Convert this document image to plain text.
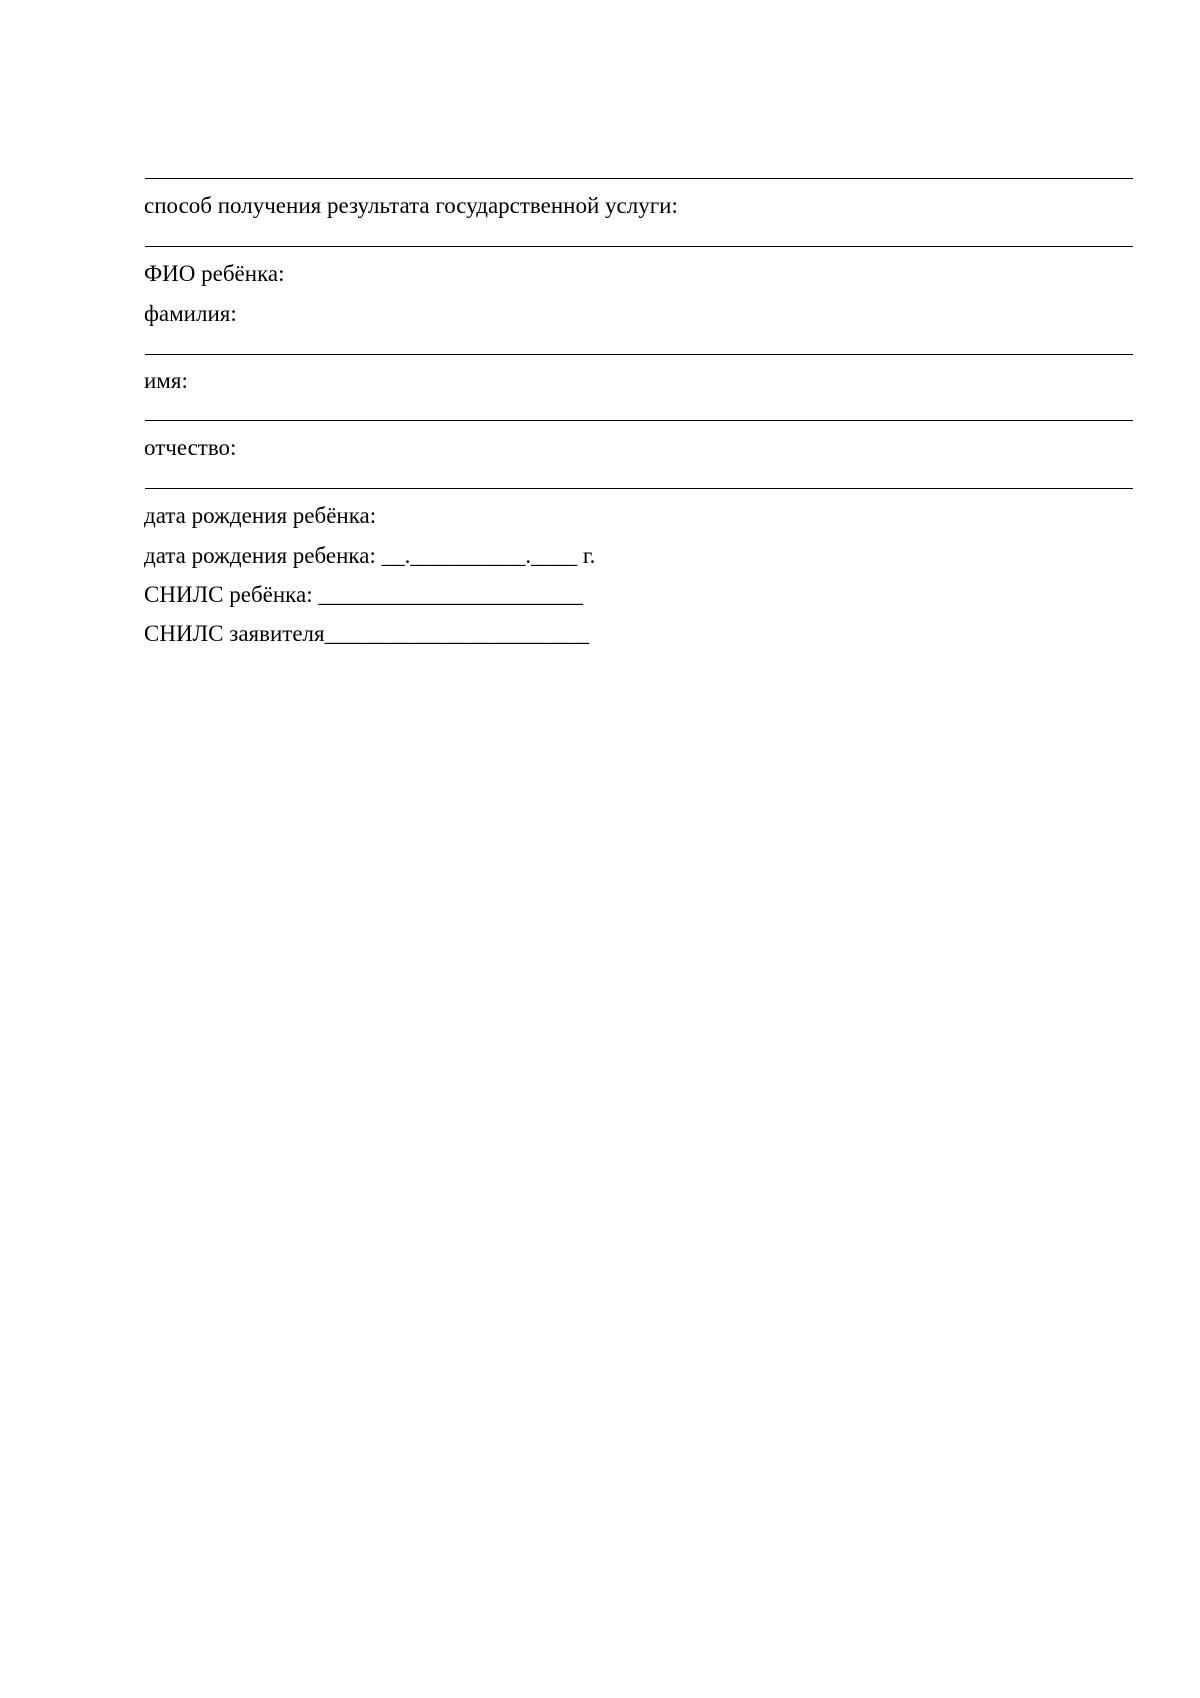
способ получения результата государственной услуги:
ФИО ребёнка:
фамилия:
имя:
отчество:
дата рождения ребёнка:
дата рождения ребенка: __.__________.____ г.
СНИЛС ребёнка: _______________________
СНИЛС заявителя_______________________
